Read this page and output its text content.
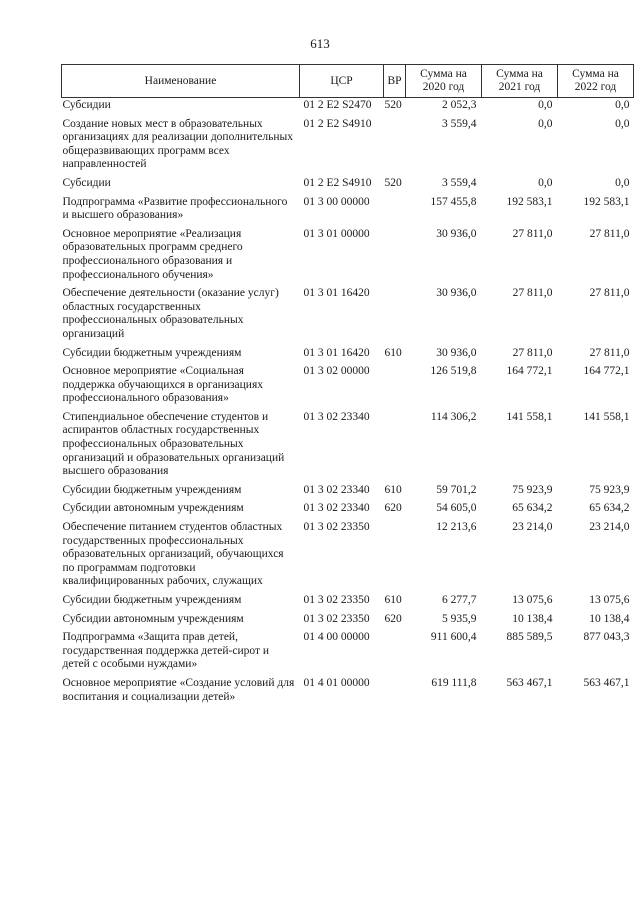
613
Наименование	ЦСР	ВР	Сумма на 2020 год	Сумма на 2021 год	Сумма на 2022 год
Субсидии	01 2 E2 S2470	520	2 052,3	0,0	0,0
Создание новых мест в образовательных организациях для реализации дополнительных общеразвивающих программ всех направленностей	01 2 E2 S4910		3 559,4	0,0	0,0
Субсидии	01 2 E2 S4910	520	3 559,4	0,0	0,0
Подпрограмма «Развитие профессионального и высшего образования»	01 3 00 00000		157 455,8	192 583,1	192 583,1
Основное мероприятие «Реализация образовательных программ среднего профессионального образования и профессионального обучения»	01 3 01 00000		30 936,0	27 811,0	27 811,0
Обеспечение деятельности (оказание услуг) областных государственных профессиональных образовательных организаций	01 3 01 16420		30 936,0	27 811,0	27 811,0
Субсидии бюджетным учреждениям	01 3 01 16420	610	30 936,0	27 811,0	27 811,0
Основное мероприятие «Социальная поддержка обучающихся в организациях профессионального образования»	01 3 02 00000		126 519,8	164 772,1	164 772,1
Стипендиальное обеспечение студентов и аспирантов областных государственных профессиональных образовательных организаций и образовательных организаций высшего образования	01 3 02 23340		114 306,2	141 558,1	141 558,1
Субсидии бюджетным учреждениям	01 3 02 23340	610	59 701,2	75 923,9	75 923,9
Субсидии автономным учреждениям	01 3 02 23340	620	54 605,0	65 634,2	65 634,2
Обеспечение питанием студентов областных государственных профессиональных образовательных организаций, обучающихся по программам подготовки квалифицированных рабочих, служащих	01 3 02 23350		12 213,6	23 214,0	23 214,0
Субсидии бюджетным учреждениям	01 3 02 23350	610	6 277,7	13 075,6	13 075,6
Субсидии автономным учреждениям	01 3 02 23350	620	5 935,9	10 138,4	10 138,4
Подпрограмма «Защита прав детей, государственная поддержка детей-сирот и детей с особыми нуждами»	01 4 00 00000		911 600,4	885 589,5	877 043,3
Основное мероприятие «Создание условий для воспитания и социализации детей»	01 4 01 00000		619 111,8	563 467,1	563 467,1
